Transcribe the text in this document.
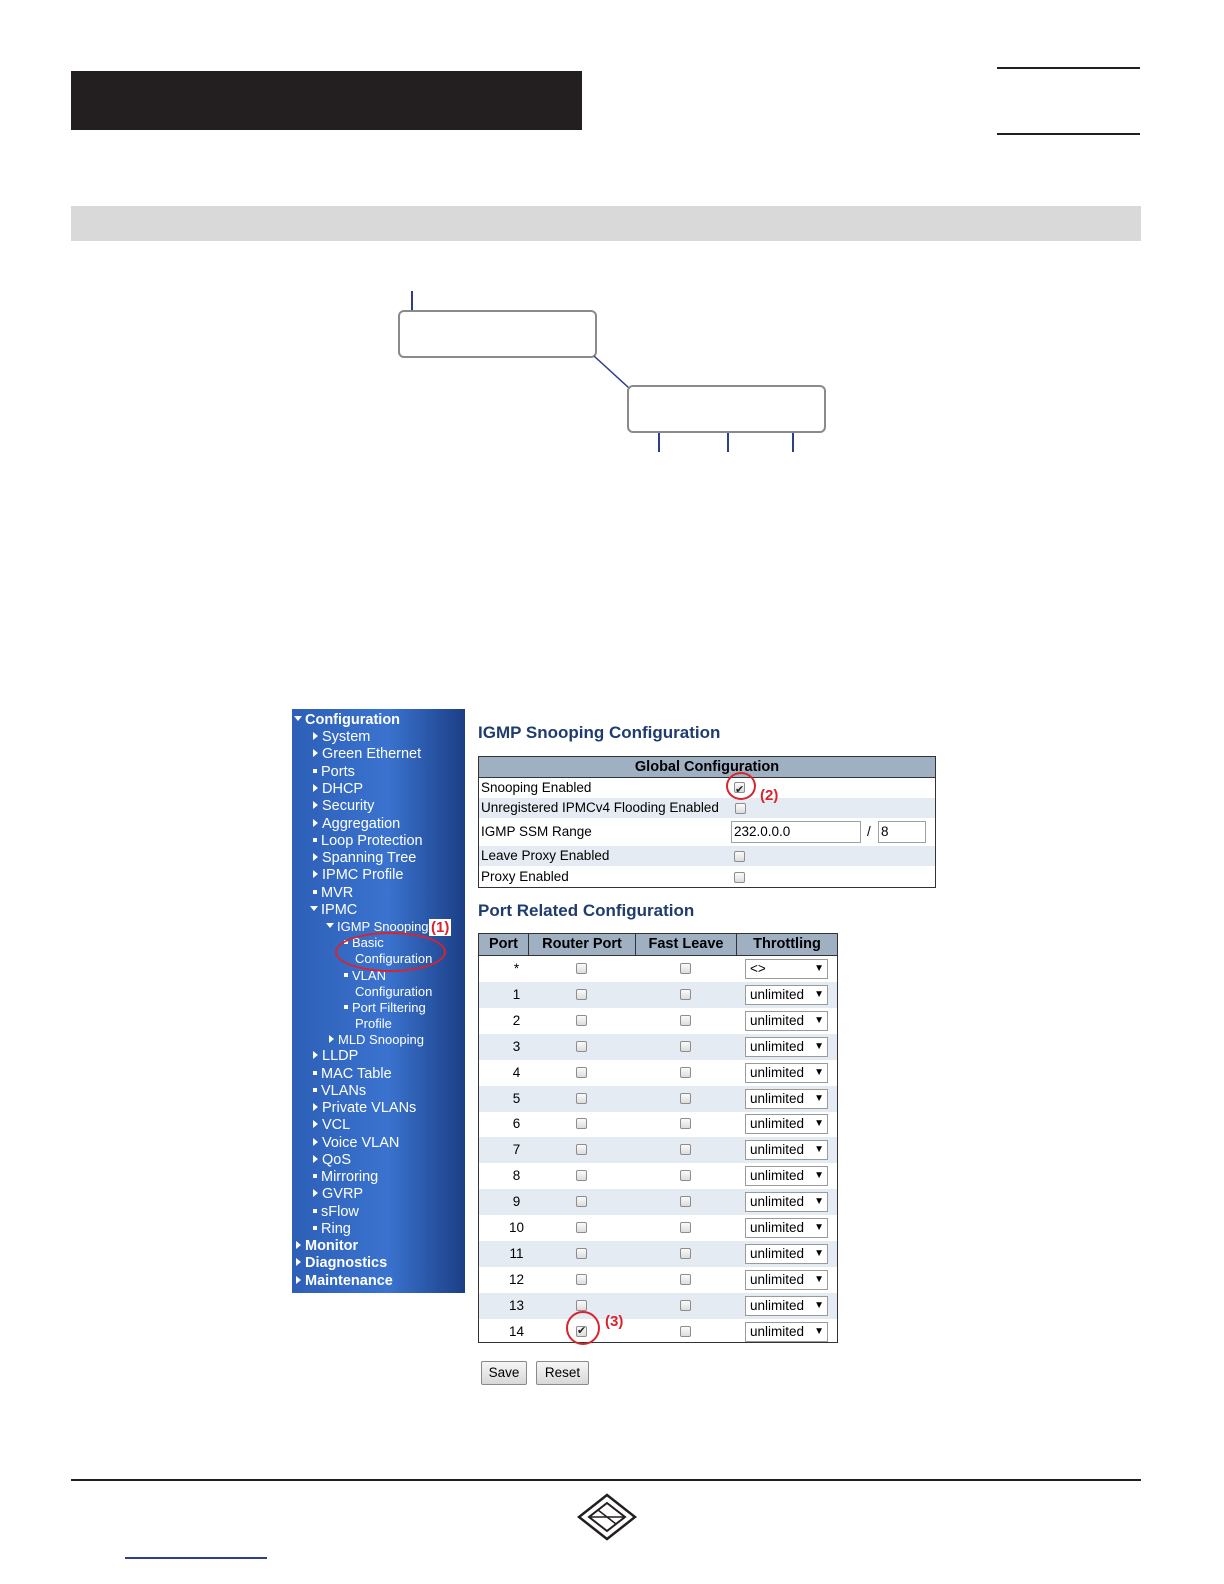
Configuration
System
Green Ethernet
Ports
DHCP
Security
Aggregation
Loop Protection
Spanning Tree
IPMC Profile
MVR
IPMC
IGMP Snooping
Basic
Configuration
VLAN
Configuration
Port Filtering
Profile
MLD Snooping
LLDP
MAC Table
VLANs
Private VLANs
VCL
Voice VLAN
QoS
Mirroring
GVRP
sFlow
Ring
Monitor
Diagnostics
Maintenance
IGMP Snooping Configuration
Global Configuration
Snooping Enabled
✔
Unregistered IPMCv4 Flooding Enabled
IGMP SSM Range	232.0.0.0	/ 8
Leave Proxy Enabled
Proxy Enabled
Port Related Configuration
Port	Router Port	Fast Leave	Throttling
*	<>	▼
1	unlimited ▼
2	unlimited ▼
3	unlimited ▼
4	unlimited ▼
5	unlimited ▼
6	unlimited ▼
7	unlimited ▼
8	unlimited ▼
9	unlimited ▼
10	unlimited ▼
11	unlimited ▼
12	unlimited ▼
13	unlimited ▼
14
✔	unlimited ▼
Save	Reset
(1)
(2)
(3)
